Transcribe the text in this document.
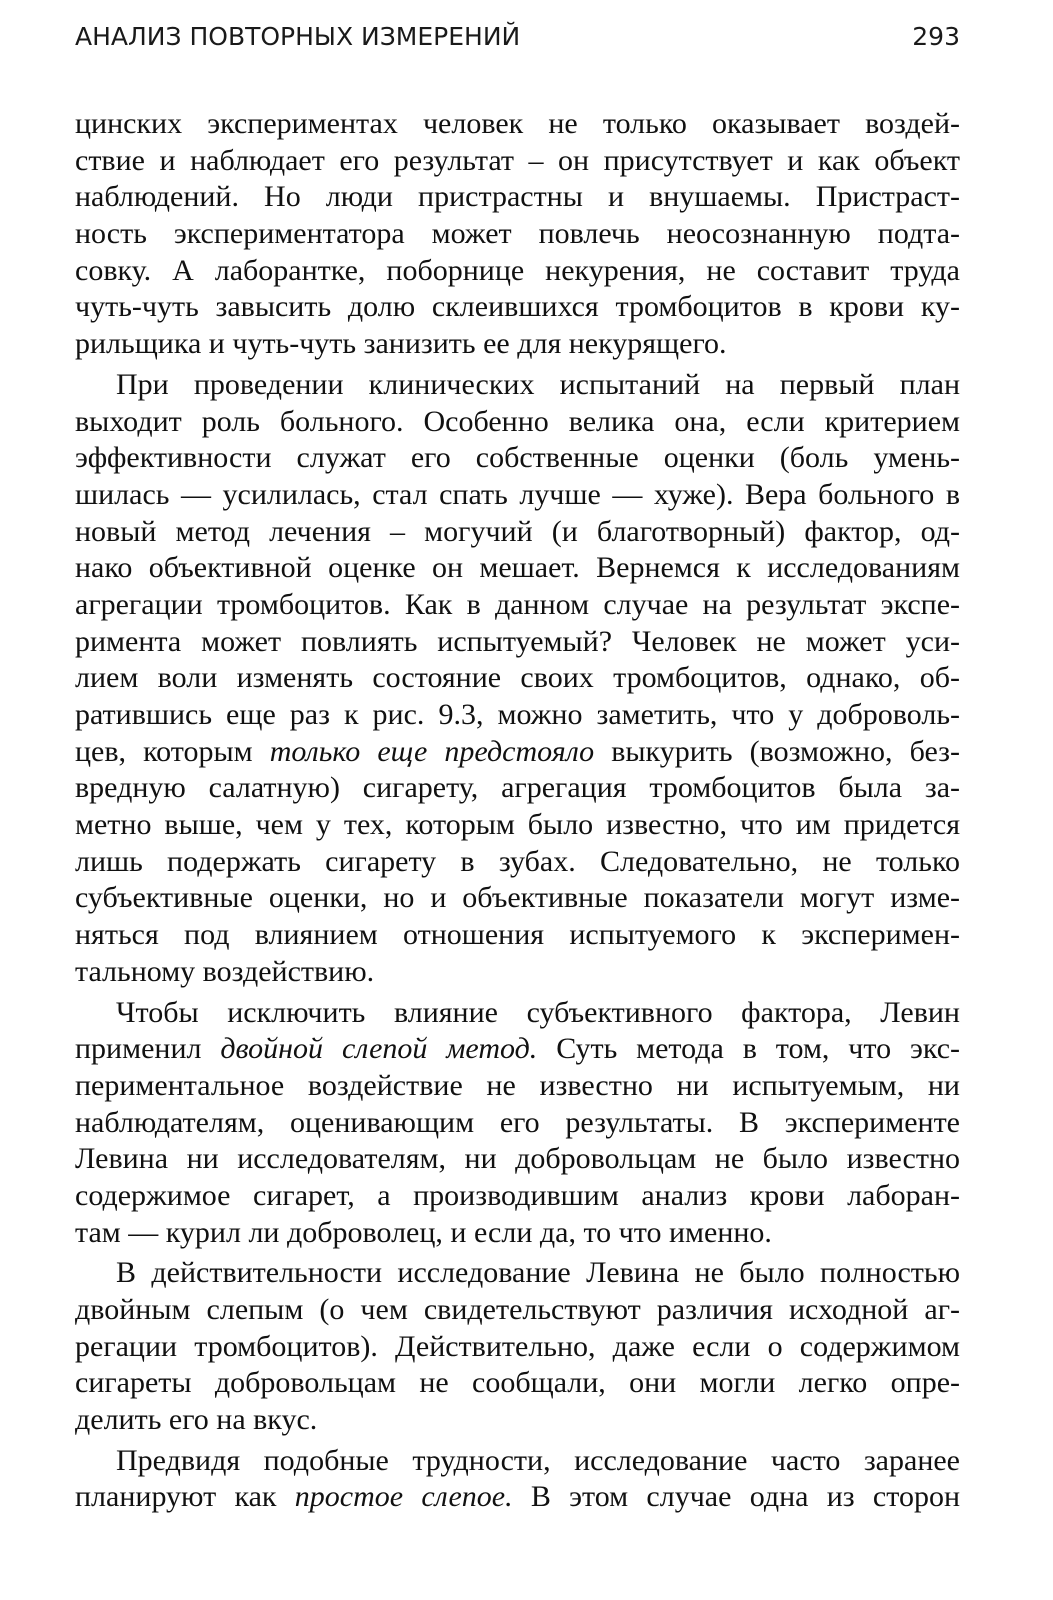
АНАЛИЗ ПОВТОРНЫХ ИЗМЕРЕНИЙ	293

цинских экспериментах человек не только оказывает воздей-
ствие и наблюдает его результат – он присутствует и как объект
наблюдений. Но люди пристрастны и внушаемы. Пристраст-
ность экспериментатора может повлечь неосознанную подта-
совку. А лаборантке, поборнице некурения, не составит труда
чуть-чуть завысить долю склеившихся тромбоцитов в крови ку-
рильщика и чуть-чуть занизить ее для некурящего.

При проведении клинических испытаний на первый план
выходит роль больного. Особенно велика она, если критерием
эффективности служат его собственные оценки (боль умень-
шилась — усилилась, стал спать лучше — хуже). Вера больного в
новый метод лечения – могучий (и благотворный) фактор, од-
нако объективной оценке он мешает. Вернемся к исследованиям
агрегации тромбоцитов. Как в данном случае на результат экспе-
римента может повлиять испытуемый? Человек не может уси-
лием воли изменять состояние своих тромбоцитов, однако, об-
ратившись еще раз к рис. 9.3, можно заметить, что у доброволь-
цев, которым только еще предстояло выкурить (возможно, без-
вредную салатную) сигарету, агрегация тромбоцитов была за-
метно выше, чем у тех, которым было известно, что им придется
лишь подержать сигарету в зубах. Следовательно, не только
субъективные оценки, но и объективные показатели могут изме-
няться под влиянием отношения испытуемого к эксперимен-
тальному воздействию.

Чтобы исключить влияние субъективного фактора, Левин
применил двойной слепой метод. Суть метода в том, что экс-
периментальное воздействие не известно ни испытуемым, ни
наблюдателям, оценивающим его результаты. В эксперименте
Левина ни исследователям, ни добровольцам не было известно
содержимое сигарет, а производившим анализ крови лаборан-
там — курил ли доброволец, и если да, то что именно.

В действительности исследование Левина не было полностью
двойным слепым (о чем свидетельствуют различия исходной аг-
регации тромбоцитов). Действительно, даже если о содержимом
сигареты добровольцам не сообщали, они могли легко опре-
делить его на вкус.

Предвидя подобные трудности, исследование часто заранее
планируют как простое слепое. В этом случае одна из сторон
